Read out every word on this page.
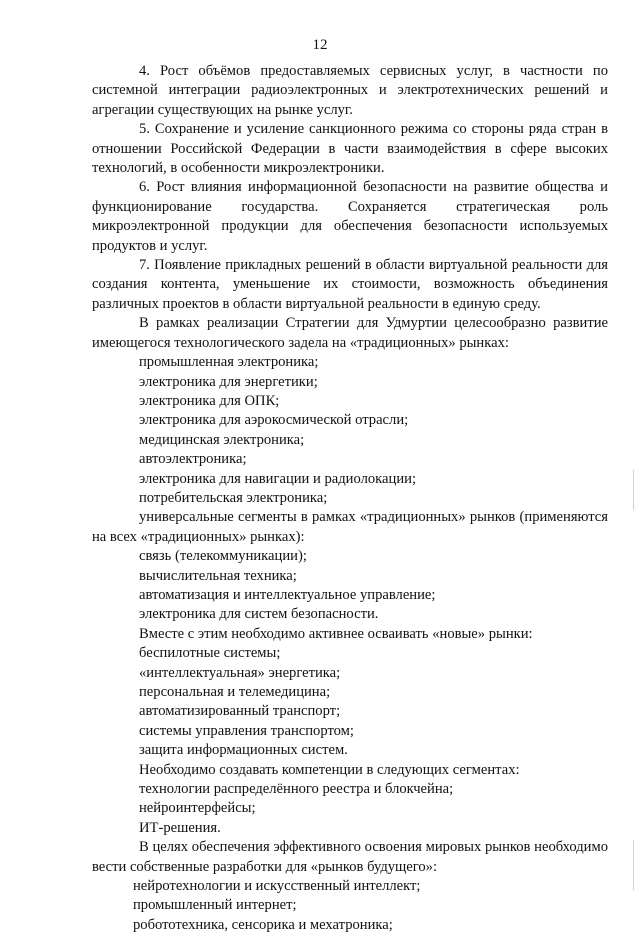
12

4. Рост объёмов предоставляемых сервисных услуг, в частности по системной интеграции радиоэлектронных и электротехнических решений и агрегации существующих на рынке услуг.

5. Сохранение и усиление санкционного режима со стороны ряда стран в отношении Российской Федерации в части взаимодействия в сфере высоких технологий, в особенности микроэлектроники.

6. Рост влияния информационной безопасности на развитие общества и функционирование государства. Сохраняется стратегическая роль микроэлектронной продукции для обеспечения безопасности используемых продуктов и услуг.

7. Появление прикладных решений в области виртуальной реальности для создания контента, уменьшение их стоимости, возможность объединения различных проектов в области виртуальной реальности в единую среду.

В рамках реализации Стратегии для Удмуртии целесообразно развитие имеющегося технологического задела на «традиционных» рынках:

промышленная электроника;

электроника для энергетики;

электроника для ОПК;

электроника для аэрокосмической отрасли;

медицинская электроника;

автоэлектроника;

электроника для навигации и радиолокации;

потребительская электроника;

универсальные сегменты в рамках «традиционных» рынков (применяются на всех «традиционных» рынках):

связь (телекоммуникации);

вычислительная техника;

автоматизация и интеллектуальное управление;

электроника для систем безопасности.

Вместе с этим необходимо активнее осваивать «новые» рынки:

беспилотные системы;

«интеллектуальная» энергетика;

персональная и телемедицина;

автоматизированный транспорт;

системы управления транспортом;

защита информационных систем.

Необходимо создавать компетенции в следующих сегментах:

технологии распределённого реестра и блокчейна;

нейроинтерфейсы;

ИТ-решения.

В целях обеспечения эффективного освоения мировых рынков необходимо вести собственные разработки для «рынков будущего»:

нейротехнологии и искусственный интеллект;

промышленный интернет;

робототехника, сенсорика и мехатроника;
